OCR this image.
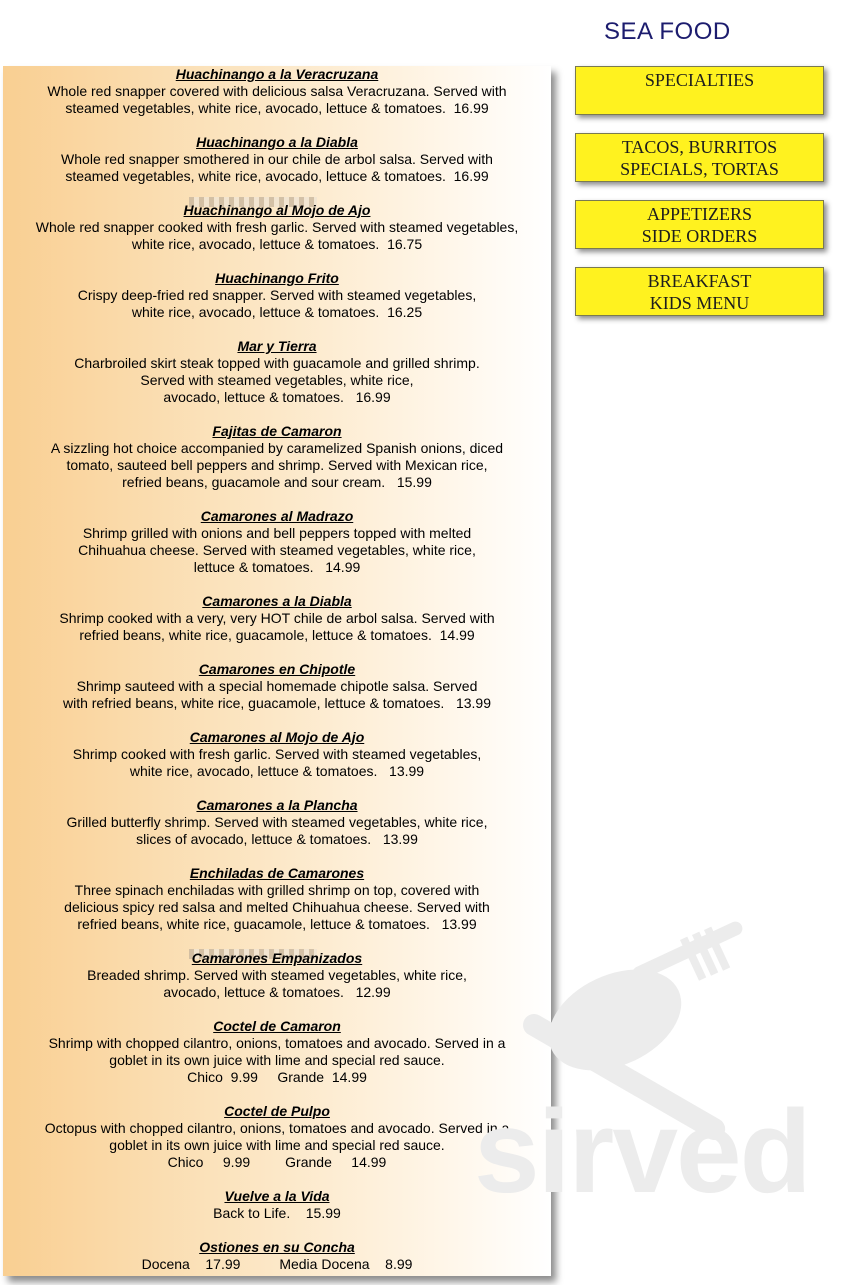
SEA FOOD
Huachinango a la Veracruzana
Whole red snapper covered with delicious salsa Veracruzana. Served with
steamed vegetables, white rice, avocado, lettuce & tomatoes.  16.99
Huachinango a la Diabla
Whole red snapper smothered in our chile de arbol salsa. Served with
steamed vegetables, white rice, avocado, lettuce & tomatoes.  16.99
Huachinango al Mojo de Ajo
Whole red snapper cooked with fresh garlic. Served with steamed vegetables,
white rice, avocado, lettuce & tomatoes.  16.75
Huachinango Frito
Crispy deep-fried red snapper. Served with steamed vegetables,
white rice, avocado, lettuce & tomatoes.  16.25
Mar y Tierra
Charbroiled skirt steak topped with guacamole and grilled shrimp.
Served with steamed vegetables, white rice,
avocado, lettuce & tomatoes.   16.99
Fajitas de Camaron
A sizzling hot choice accompanied by caramelized Spanish onions, diced
tomato, sauteed bell peppers and shrimp. Served with Mexican rice,
refried beans, guacamole and sour cream.   15.99
Camarones al Madrazo
Shrimp grilled with onions and bell peppers topped with melted
Chihuahua cheese. Served with steamed vegetables, white rice,
lettuce & tomatoes.   14.99
Camarones a la Diabla
Shrimp cooked with a very, very HOT chile de arbol salsa. Served with
refried beans, white rice, guacamole, lettuce & tomatoes.  14.99
Camarones en Chipotle
Shrimp sauteed with a special homemade chipotle salsa. Served
with refried beans, white rice, guacamole, lettuce & tomatoes.   13.99
Camarones al Mojo de Ajo
Shrimp cooked with fresh garlic. Served with steamed vegetables,
white rice, avocado, lettuce & tomatoes.   13.99
Camarones a la Plancha
Grilled butterfly shrimp. Served with steamed vegetables, white rice,
slices of avocado, lettuce & tomatoes.   13.99
Enchiladas de Camarones
Three spinach enchiladas with grilled shrimp on top, covered with
delicious spicy red salsa and melted Chihuahua cheese. Served with
refried beans, white rice, guacamole, lettuce & tomatoes.   13.99
Camarones Empanizados
Breaded shrimp. Served with steamed vegetables, white rice,
avocado, lettuce & tomatoes.   12.99
Coctel de Camaron
Shrimp with chopped cilantro, onions, tomatoes and avocado. Served in a
goblet in its own juice with lime and special red sauce.
Chico  9.99     Grande  14.99
Coctel de Pulpo
Octopus with chopped cilantro, onions, tomatoes and avocado. Served in a
goblet in its own juice with lime and special red sauce.
Chico     9.99         Grande     14.99
Vuelve a la Vida
Back to Life.    15.99
Ostiones en su Concha
Docena    17.99          Media Docena    8.99
SPECIALTIES
TACOS, BURRITOS
SPECIALS, TORTAS
APPETIZERS
SIDE ORDERS
BREAKFAST
KIDS MENU
sirved
